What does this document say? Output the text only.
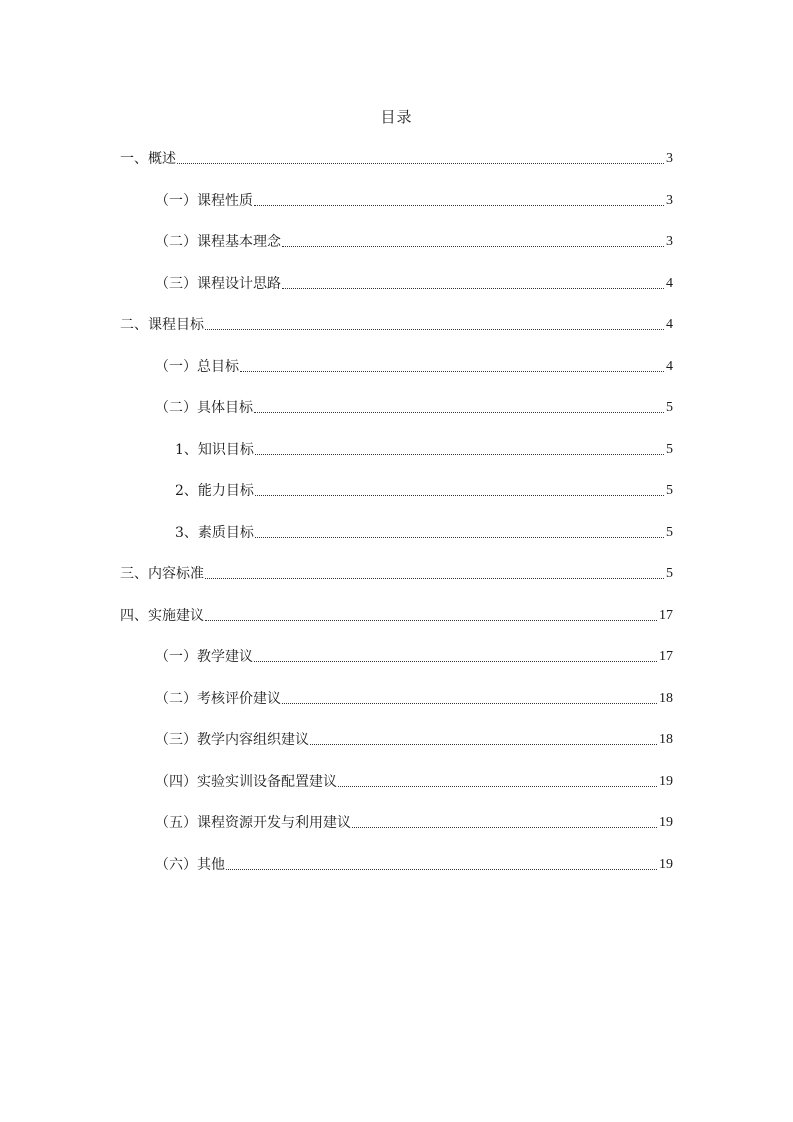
目录
一、概述	3
（一）课程性质	3
（二）课程基本理念	3
（三）课程设计思路	4
二、课程目标	4
（一）总目标	4
（二）具体目标	5
1、知识目标	5
2、能力目标	5
3、素质目标	5
三、内容标准	5
四、实施建议	17
（一）教学建议	17
（二）考核评价建议	18
（三）教学内容组织建议	18
（四）实验实训设备配置建议	19
（五）课程资源开发与利用建议	19
（六）其他	19
